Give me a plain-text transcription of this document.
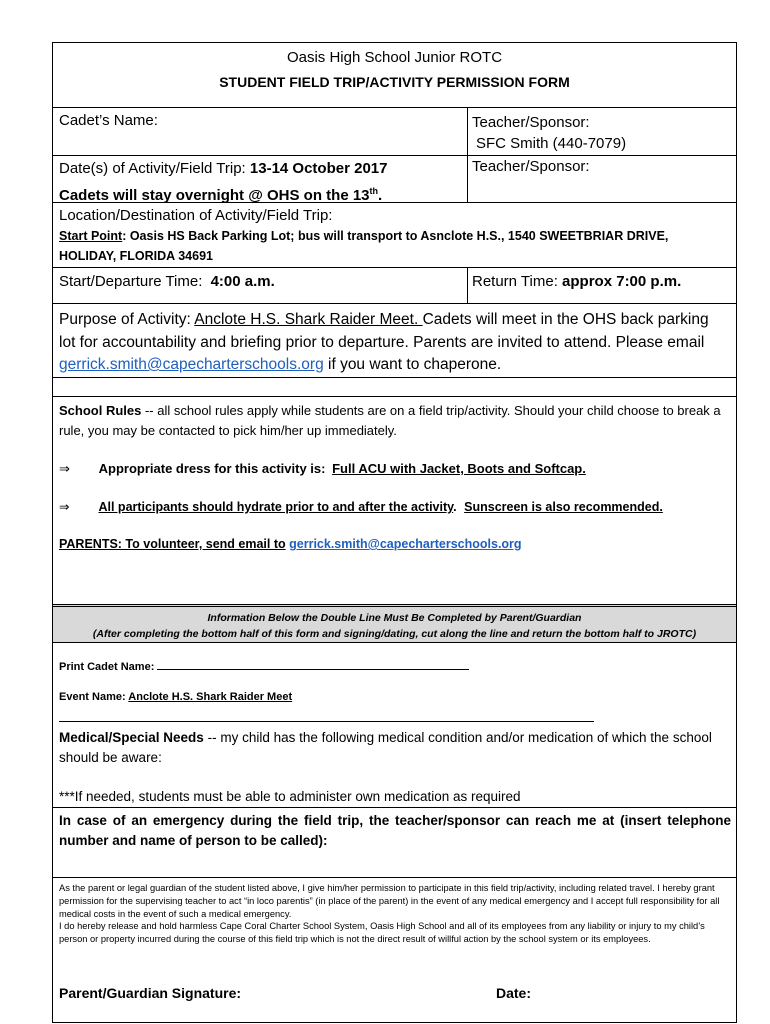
Oasis High School Junior ROTC
STUDENT FIELD TRIP/ACTIVITY PERMISSION FORM
Cadet’s Name:	Teacher/Sponsor:
SFC Smith (440-7079)
Date(s) of Activity/Field Trip: 13-14 October 2017
Cadets will stay overnight @ OHS on the 13th.
Teacher/Sponsor:
Location/Destination of Activity/Field Trip:
Start Point: Oasis HS Back Parking Lot; bus will transport to Asnclote H.S., 1540 SWEETBRIAR DRIVE, HOLIDAY, FLORIDA 34691
Start/Departure Time: 4:00 a.m.	Return Time: approx 7:00 p.m.
Purpose of Activity: Anclote H.S. Shark Raider Meet. Cadets will meet in the OHS back parking lot for accountability and briefing prior to departure. Parents are invited to attend. Please email gerrick.smith@capecharterschools.org if you want to chaperone.
School Rules -- all school rules apply while students are on a field trip/activity. Should your child choose to break a rule, you may be contacted to pick him/her up immediately.
⇒ Appropriate dress for this activity is: Full ACU with Jacket, Boots and Softcap.
⇒ All participants should hydrate prior to and after the activity. Sunscreen is also recommended.
PARENTS: To volunteer, send email to gerrick.smith@capecharterschools.org
Information Below the Double Line Must Be Completed by Parent/Guardian
(After completing the bottom half of this form and signing/dating, cut along the line and return the bottom half to JROTC)
Print Cadet Name:
Event Name: Anclote H.S. Shark Raider Meet
Medical/Special Needs -- my child has the following medical condition and/or medication of which the school should be aware:
***If needed, students must be able to administer own medication as required
In case of an emergency during the field trip, the teacher/sponsor can reach me at (insert telephone number and name of person to be called):

As the parent or legal guardian of the student listed above, I give him/her permission to participate in this field trip/activity, including related travel. I hereby grant permission for the supervising teacher to act “in loco parentis” (in place of the parent) in the event of any medical emergency and I accept full responsibility for all medical costs in the event of such a medical emergency.

I do hereby release and hold harmless Cape Coral Charter School System, Oasis High School and all of its employees from any liability or injury to my child’s person or property incurred during the course of this field trip which is not the direct result of willful action by the school system or its employees.

Parent/Guardian Signature:	Date:
